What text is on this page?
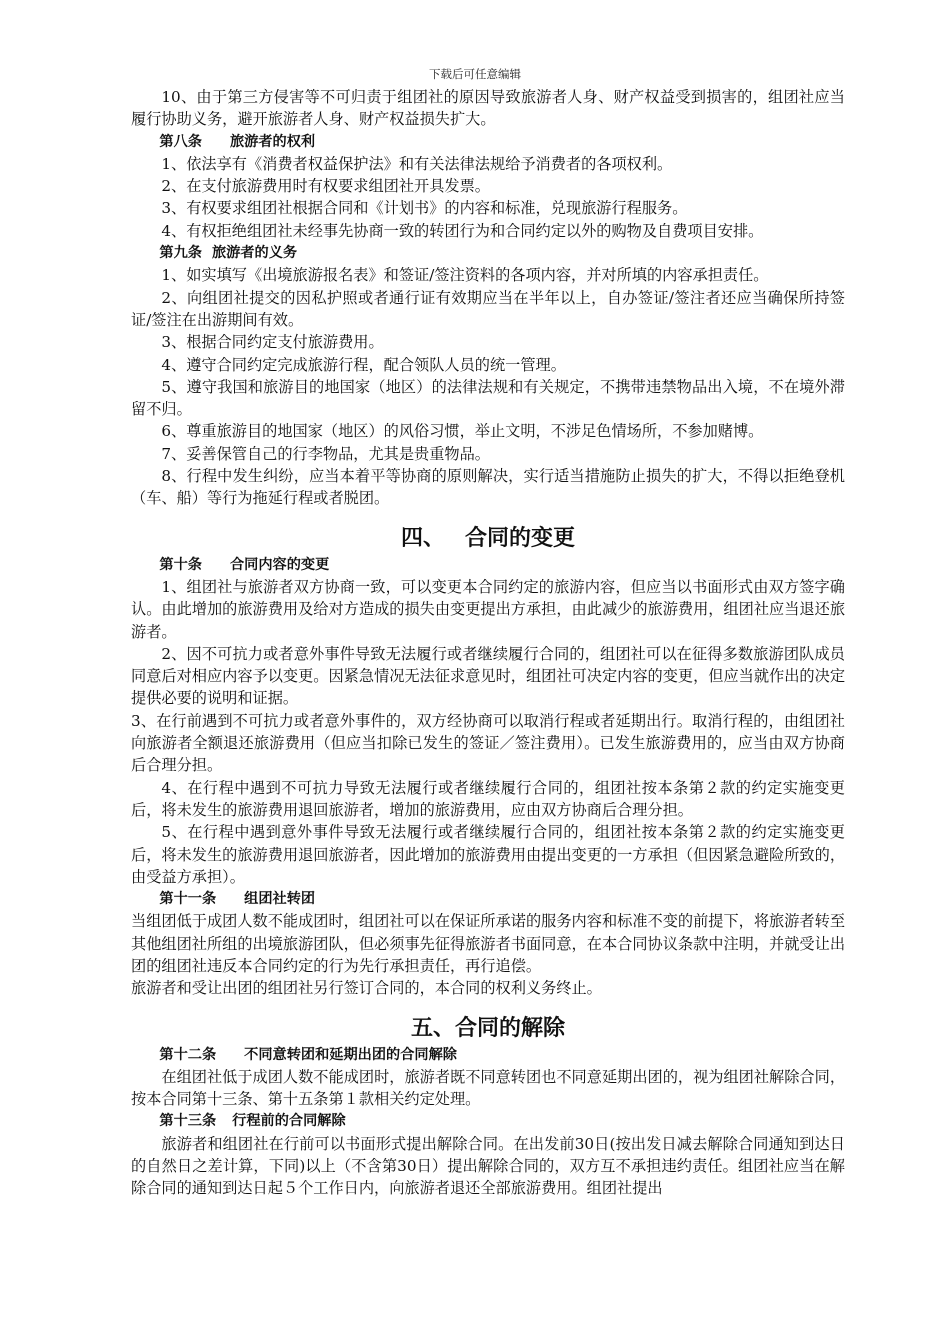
下载后可任意编辑

10、由于第三方侵害等不可归责于组团社的原因导致旅游者人身、财产权益受到损害的，组团社应当履行协助义务，避开旅游者人身、财产权益损失扩大。

第八条 旅游者的权利

1、依法享有《消费者权益保护法》和有关法律法规给予消费者的各项权利。

2、在支付旅游费用时有权要求组团社开具发票。

3、有权要求组团社根据合同和《计划书》的内容和标准，兑现旅游行程服务。

4、有权拒绝组团社未经事先协商一致的转团行为和合同约定以外的购物及自费项目安排。

第九条 旅游者的义务

1、如实填写《出境旅游报名表》和签证/签注资料的各项内容，并对所填的内容承担责任。

2、向组团社提交的因私护照或者通行证有效期应当在半年以上，自办签证/签注者还应当确保所持签证/签注在出游期间有效。

3、根据合同约定支付旅游费用。

4、遵守合同约定完成旅游行程，配合领队人员的统一管理。

5、遵守我国和旅游目的地国家（地区）的法律法规和有关规定，不携带违禁物品出入境，不在境外滞留不归。

6、尊重旅游目的地国家（地区）的风俗习惯，举止文明，不涉足色情场所，不参加赌博。

7、妥善保管自己的行李物品，尤其是贵重物品。

8、行程中发生纠纷，应当本着平等协商的原则解决，实行适当措施防止损失的扩大，不得以拒绝登机（车、船）等行为拖延行程或者脱团。

四、 合同的变更

第十条 合同内容的变更

1、组团社与旅游者双方协商一致，可以变更本合同约定的旅游内容，但应当以书面形式由双方签字确认。由此增加的旅游费用及给对方造成的损失由变更提出方承担，由此减少的旅游费用，组团社应当退还旅游者。

2、因不可抗力或者意外事件导致无法履行或者继续履行合同的，组团社可以在征得多数旅游团队成员同意后对相应内容予以变更。因紧急情况无法征求意见时，组团社可决定内容的变更，但应当就作出的决定提供必要的说明和证据。

3、在行前遇到不可抗力或者意外事件的，双方经协商可以取消行程或者延期出行。取消行程的，由组团社向旅游者全额退还旅游费用（但应当扣除已发生的签证／签注费用）。已发生旅游费用的，应当由双方协商后合理分担。

4、在行程中遇到不可抗力导致无法履行或者继续履行合同的，组团社按本条第２款的约定实施变更后，将未发生的旅游费用退回旅游者，增加的旅游费用，应由双方协商后合理分担。

5、在行程中遇到意外事件导致无法履行或者继续履行合同的，组团社按本条第２款的约定实施变更后，将未发生的旅游费用退回旅游者，因此增加的旅游费用由提出变更的一方承担（但因紧急避险所致的，由受益方承担）。

第十一条 组团社转团

当组团低于成团人数不能成团时，组团社可以在保证所承诺的服务内容和标准不变的前提下，将旅游者转至其他组团社所组的出境旅游团队，但必须事先征得旅游者书面同意，在本合同协议条款中注明，并就受让出团的组团社违反本合同约定的行为先行承担责任，再行追偿。

旅游者和受让出团的组团社另行签订合同的，本合同的权利义务终止。

五、合同的解除

第十二条 不同意转团和延期出团的合同解除

在组团社低于成团人数不能成团时，旅游者既不同意转团也不同意延期出团的，视为组团社解除合同，按本合同第十三条、第十五条第１款相关约定处理。

第十三条 行程前的合同解除

旅游者和组团社在行前可以书面形式提出解除合同。在出发前30日(按出发日减去解除合同通知到达日的自然日之差计算，下同)以上（不含第30日）提出解除合同的，双方互不承担违约责任。组团社应当在解除合同的通知到达日起５个工作日内，向旅游者退还全部旅游费用。组团社提出
